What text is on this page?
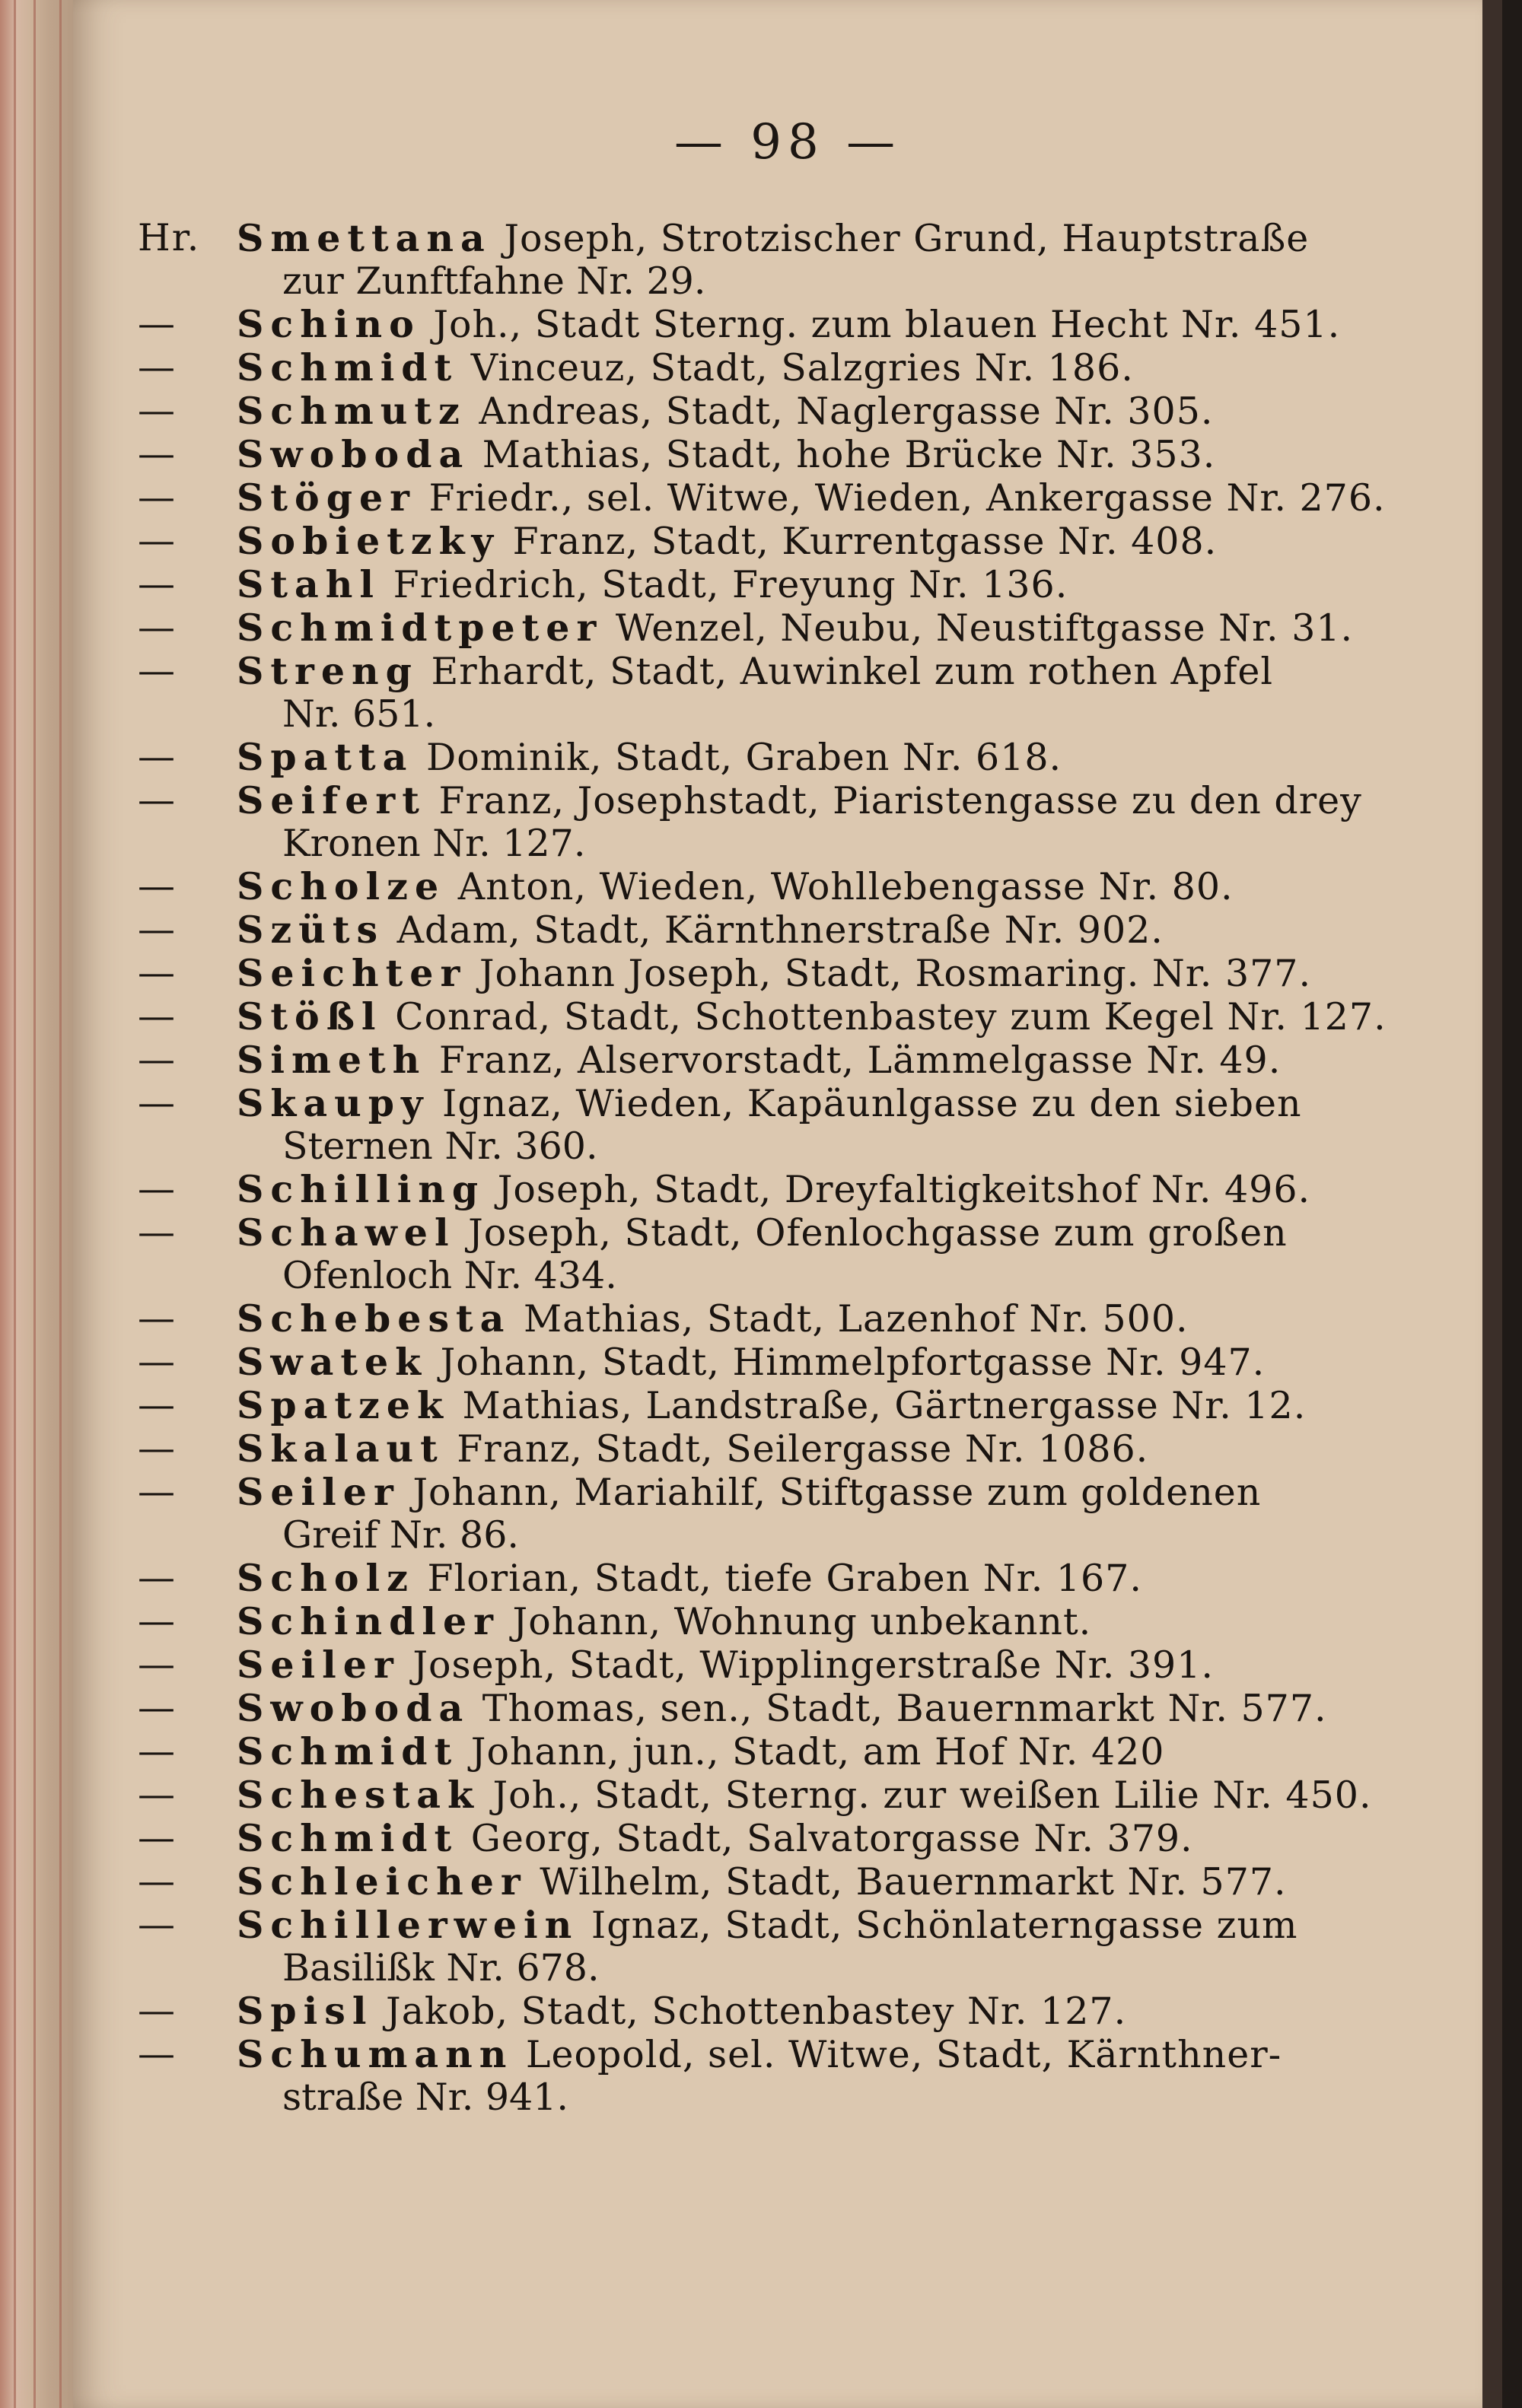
— 98 —
Hr. Smettana Joseph, Strotzischer Grund, Hauptstraße
zur Zunftfahne Nr. 29.
—	Schino Joh., Stadt Sterng. zum blauen Hecht Nr. 451.
—	Schmidt Vinceuz, Stadt, Salzgries Nr. 186.
—	Schmutz Andreas, Stadt, Naglergasse Nr. 305.
—	Swoboda Mathias, Stadt, hohe Brücke Nr. 353.
—	Stöger Friedr., sel. Witwe, Wieden, Ankergasse Nr. 276.
—	Sobietzky Franz, Stadt, Kurrentgasse Nr. 408.
—	Stahl Friedrich, Stadt, Freyung Nr. 136.
—	Schmidtpeter Wenzel, Neubu, Neustiftgasse Nr. 31.
—	Streng Erhardt, Stadt, Auwinkel zum rothen Apfel
Nr. 651.
—	Spatta Dominik, Stadt, Graben Nr. 618.
—	Seifert Franz, Josephstadt, Piaristengasse zu den drey
Kronen Nr. 127.
—	Scholze Anton, Wieden, Wohllebengasse Nr. 80.
—	Szüts Adam, Stadt, Kärnthnerstraße Nr. 902.
—	Seichter Johann Joseph, Stadt, Rosmaring. Nr. 377.
—	Stößl Conrad, Stadt, Schottenbastey zum Kegel Nr. 127.
—	Simeth Franz, Alservorstadt, Lämmelgasse Nr. 49.
—	Skaupy Ignaz, Wieden, Kapäunlgasse zu den sieben
Sternen Nr. 360.
—	Schilling Joseph, Stadt, Dreyfaltigkeitshof Nr. 496.
—	Schawel Joseph, Stadt, Ofenlochgasse zum großen
Ofenloch Nr. 434.
—	Schebesta Mathias, Stadt, Lazenhof Nr. 500.
—	Swatek Johann, Stadt, Himmelpfortgasse Nr. 947.
—	Spatzek Mathias, Landstraße, Gärtnergasse Nr. 12.
—	Skalaut Franz, Stadt, Seilergasse Nr. 1086.
—	Seiler Johann, Mariahilf, Stiftgasse zum goldenen
Greif Nr. 86.
—	Scholz Florian, Stadt, tiefe Graben Nr. 167.
—	Schindler Johann, Wohnung unbekannt.
—	Seiler Joseph, Stadt, Wipplingerstraße Nr. 391.
—	Swoboda Thomas, sen., Stadt, Bauernmarkt Nr. 577.
—	Schmidt Johann, jun., Stadt, am Hof Nr. 420
—	Schestak Joh., Stadt, Sterng. zur weißen Lilie Nr. 450.
—	Schmidt Georg, Stadt, Salvatorgasse Nr. 379.
—	Schleicher Wilhelm, Stadt, Bauernmarkt Nr. 577.
—	Schillerwein Ignaz, Stadt, Schönlaterngasse zum
Basilißk Nr. 678.
—	Spisl Jakob, Stadt, Schottenbastey Nr. 127.
—	Schumann Leopold, sel. Witwe, Stadt, Kärnthner-
straße Nr. 941.
